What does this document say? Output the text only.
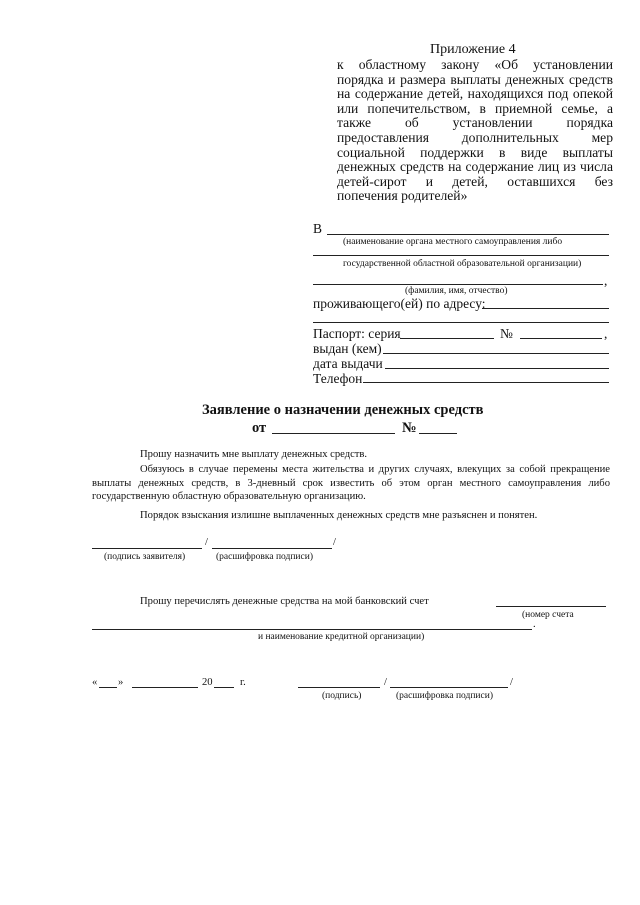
Приложение 4
к областному закону «Об установлении порядка и размера выплаты денежных средств на содержание детей, находящихся под опекой или попечительством, в приемной семье, а также об установлении порядка предоставления дополнительных мер социальной поддержки в виде выплаты денежных средств на содержание лиц из числа детей-сирот и детей, оставшихся без попечения родителей»
В
(наименование органа местного самоуправления либо
государственной областной образовательной организации)
,
(фамилия, имя, отчество)
проживающего(ей) по адресу:
Паспорт: серия	№	,
выдан (кем)
дата выдачи
Телефон
Заявление о назначении денежных средств
от	№
Прошу назначить мне выплату денежных средств.
Обязуюсь в случае перемены места жительства и других случаях, влекущих за собой прекращение выплаты денежных средств, в 3-дневный срок известить об этом орган местного самоуправления либо государственную областную образовательную организацию.
Порядок взыскания излишне выплаченных денежных средств мне разъяснен и понятен.
/	/
(подпись заявителя)	(расшифровка подписи)
Прошу перечислять денежные средства на мой банковский счет
(номер счета
.
и наименование кредитной организации)
« »	20	г.	/	/
(подпись)	(расшифровка подписи)
